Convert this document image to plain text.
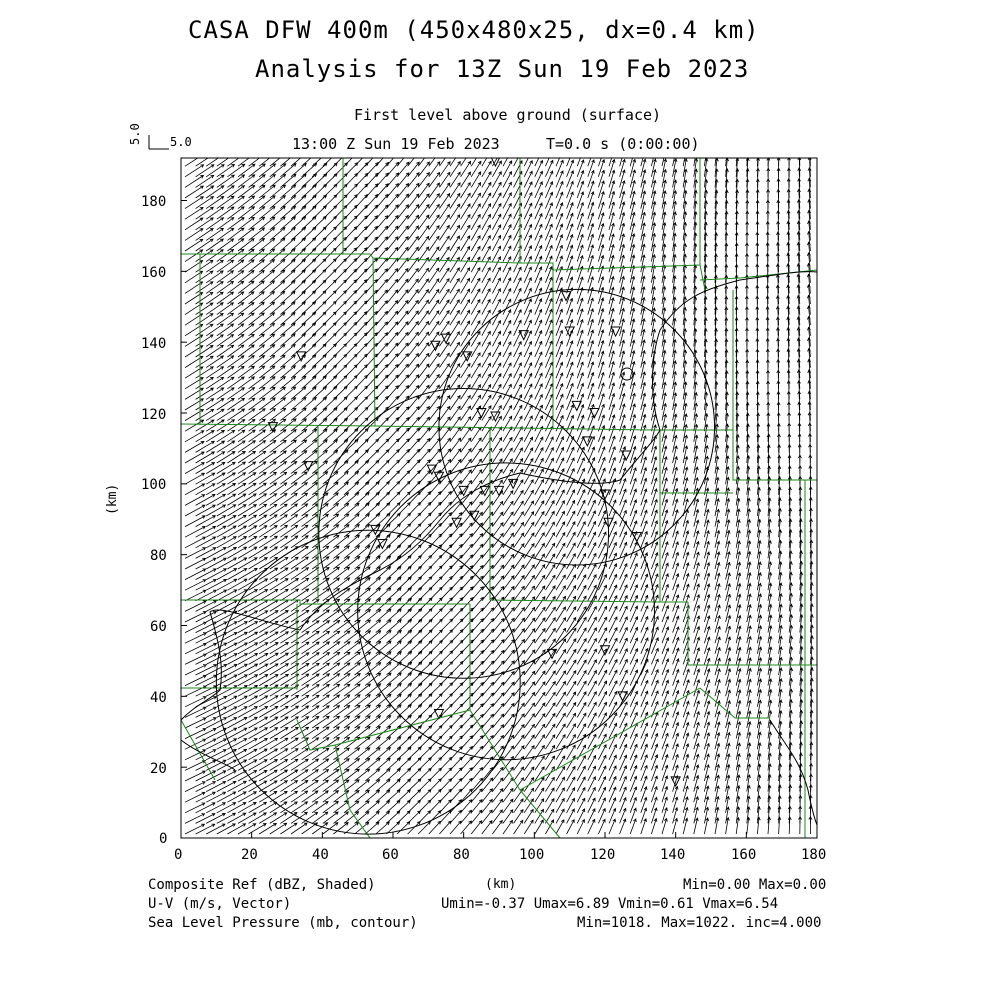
CASA DFW 400m (450x480x25, dx=0.4 km)
Analysis for 13Z Sun 19 Feb 2023
First level above ground (surface)
13:00 Z Sun 19 Feb 2023	T=0.0 s (0:00:00)
5.0 5.0
0	20	40	60	80	100	120	140	160	180
0
20
40
60
80
100
120
140
160
180
(km)
(km)
Composite Ref (dBZ, Shaded)	Min=0.00 Max=0.00
U-V (m/s, Vector)	Umin=-0.37 Umax=6.89 Vmin=0.61 Vmax=6.54
Sea Level Pressure (mb, contour)	Min=1018. Max=1022. inc=4.000
